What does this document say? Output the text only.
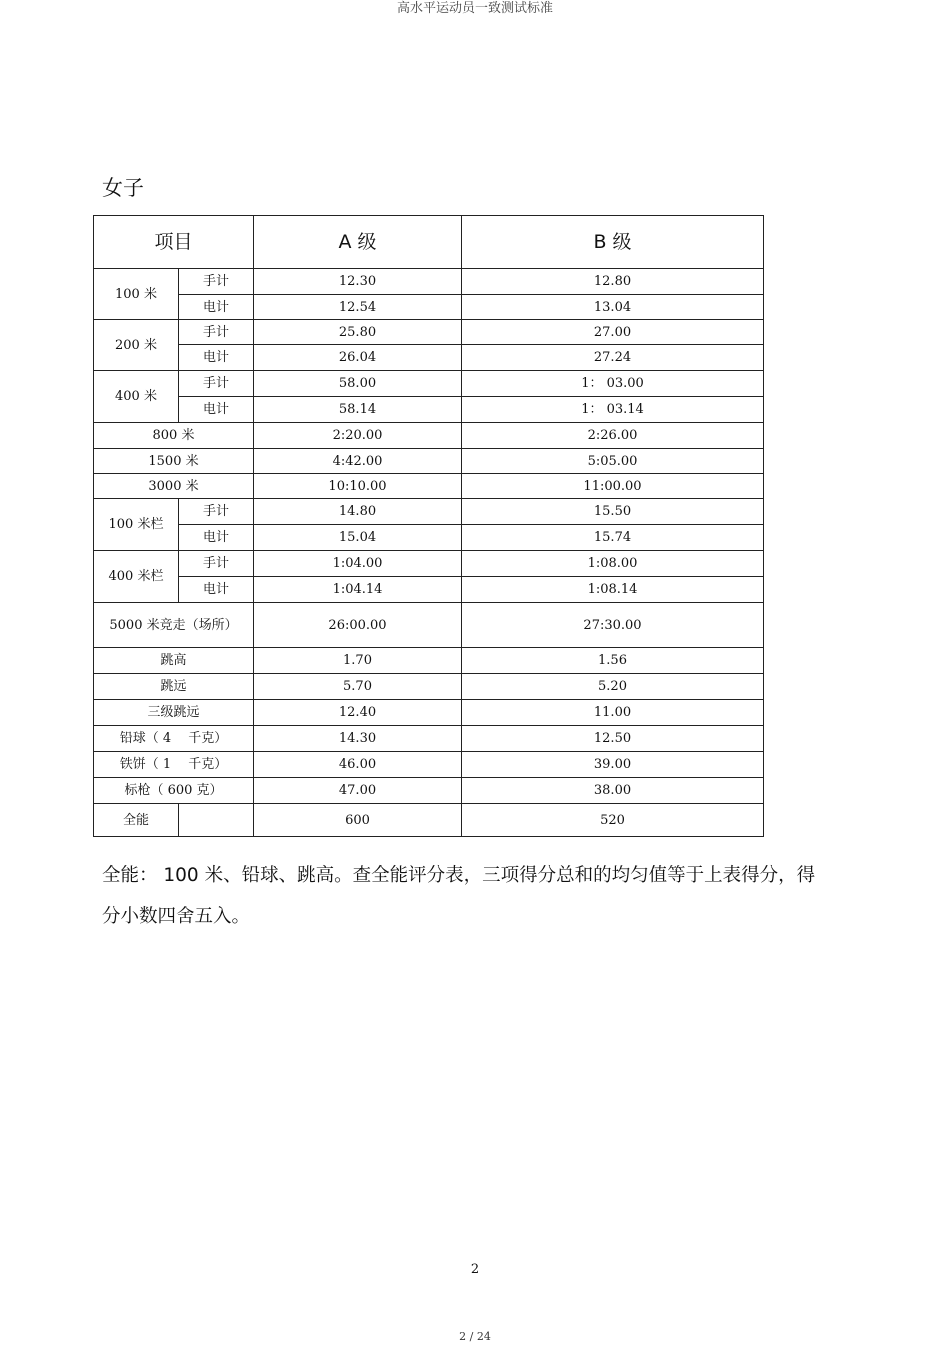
高水平运动员一致测试标准
女子
项目		A 级	B 级
100 米	手计	12.30	12.80
	电计	12.54	13.04
200 米	手计	25.80	27.00
	电计	26.04	27.24
400 米	手计	58.00	1： 03.00
	电计	58.14	1： 03.14
800 米		2:20.00	2:26.00
1500 米		4:42.00	5:05.00
3000 米		10:10.00	11:00.00
100 米栏	手计	14.80	15.50
	电计	15.04	15.74
400 米栏	手计	1:04.00	1:08.00
	电计	1:04.14	1:08.14
5000 米竞走（场所）		26:00.00	27:30.00
跳高		1.70	1.56
跳远		5.70	5.20
三级跳远		12.40	11.00
铅球（ 4　 千克）		14.30	12.50
铁饼（ 1　 千克）		46.00	39.00
标枪（ 600 克）		47.00	38.00
全能		600	520
全能： 100 米、铅球、跳高。查全能评分表，三项得分总和的均匀值等于上表得分，得分小数四舍五入。
2
2 / 24
